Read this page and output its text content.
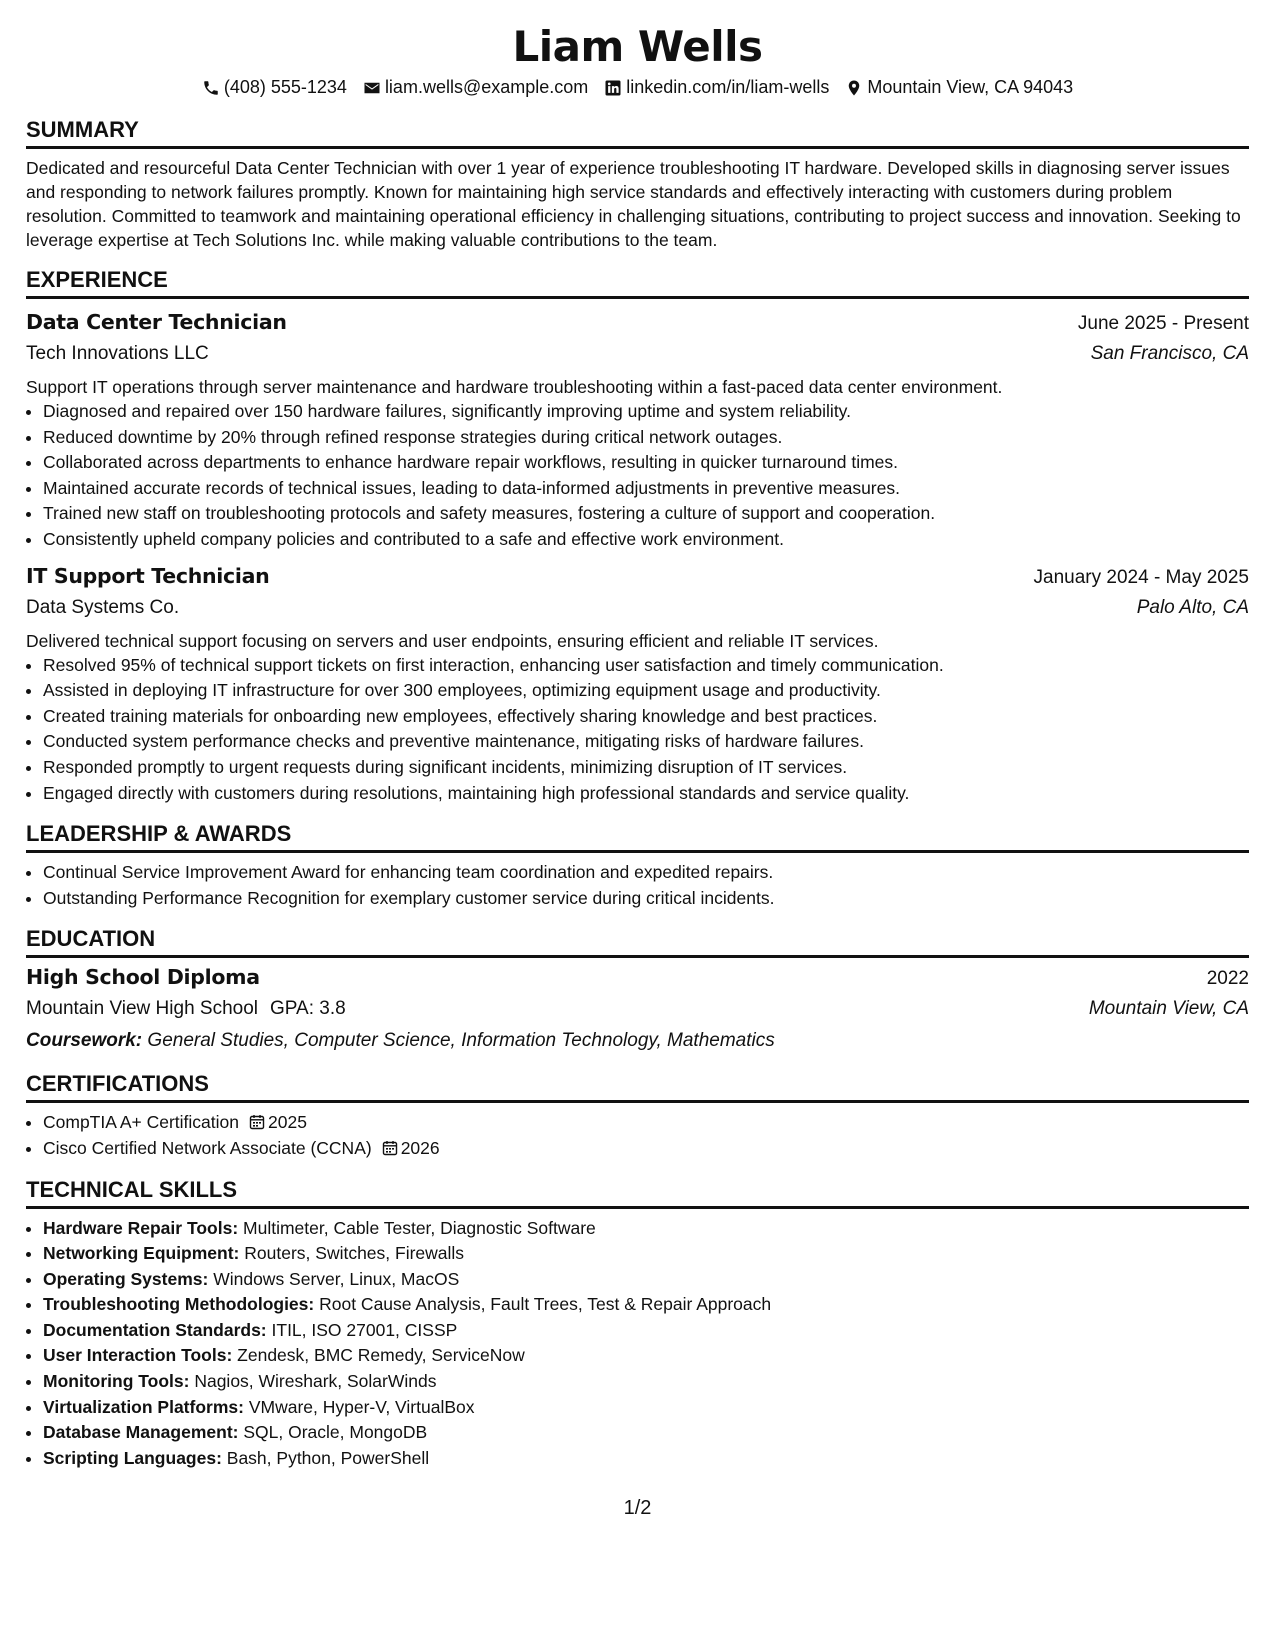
Liam Wells
(408) 555-1234 liam.wells@example.com linkedin.com/in/liam-wells Mountain View, CA 94043
SUMMARY

Dedicated and resourceful Data Center Technician with over 1 year of experience troubleshooting IT hardware. Developed skills in diagnosing server issues and responding to network failures promptly. Known for maintaining high service standards and effectively interacting with customers during problem resolution. Committed to teamwork and maintaining operational efficiency in challenging situations, contributing to project success and innovation. Seeking to leverage expertise at Tech Solutions Inc. while making valuable contributions to the team.

EXPERIENCE
Data Center Technician	June 2025 - Present
Tech Innovations LLC	San Francisco, CA

Support IT operations through server maintenance and hardware troubleshooting within a fast-paced data center environment.

• Diagnosed and repaired over 150 hardware failures, significantly improving uptime and system reliability.
• Reduced downtime by 20% through refined response strategies during critical network outages.
• Collaborated across departments to enhance hardware repair workflows, resulting in quicker turnaround times.
• Maintained accurate records of technical issues, leading to data-informed adjustments in preventive measures.
• Trained new staff on troubleshooting protocols and safety measures, fostering a culture of support and cooperation.
• Consistently upheld company policies and contributed to a safe and effective work environment.
IT Support Technician	January 2024 - May 2025
Data Systems Co.	Palo Alto, CA

Delivered technical support focusing on servers and user endpoints, ensuring efficient and reliable IT services.

• Resolved 95% of technical support tickets on first interaction, enhancing user satisfaction and timely communication.
• Assisted in deploying IT infrastructure for over 300 employees, optimizing equipment usage and productivity.
• Created training materials for onboarding new employees, effectively sharing knowledge and best practices.
• Conducted system performance checks and preventive maintenance, mitigating risks of hardware failures.
• Responded promptly to urgent requests during significant incidents, minimizing disruption of IT services.
• Engaged directly with customers during resolutions, maintaining high professional standards and service quality.
LEADERSHIP & AWARDS
• Continual Service Improvement Award for enhancing team coordination and expedited repairs.
• Outstanding Performance Recognition for exemplary customer service during critical incidents.
EDUCATION
High School Diploma	2022
Mountain View High School GPA: 3.8	Mountain View, CA
Coursework: General Studies, Computer Science, Information Technology, Mathematics
CERTIFICATIONS
• CompTIA A+ Certification 2025
• Cisco Certified Network Associate (CCNA) 2026
TECHNICAL SKILLS
• Hardware Repair Tools: Multimeter, Cable Tester, Diagnostic Software
• Networking Equipment: Routers, Switches, Firewalls
• Operating Systems: Windows Server, Linux, MacOS
• Troubleshooting Methodologies: Root Cause Analysis, Fault Trees, Test & Repair Approach
• Documentation Standards: ITIL, ISO 27001, CISSP
• User Interaction Tools: Zendesk, BMC Remedy, ServiceNow
• Monitoring Tools: Nagios, Wireshark, SolarWinds
• Virtualization Platforms: VMware, Hyper-V, VirtualBox
• Database Management: SQL, Oracle, MongoDB
• Scripting Languages: Bash, Python, PowerShell
1/2
